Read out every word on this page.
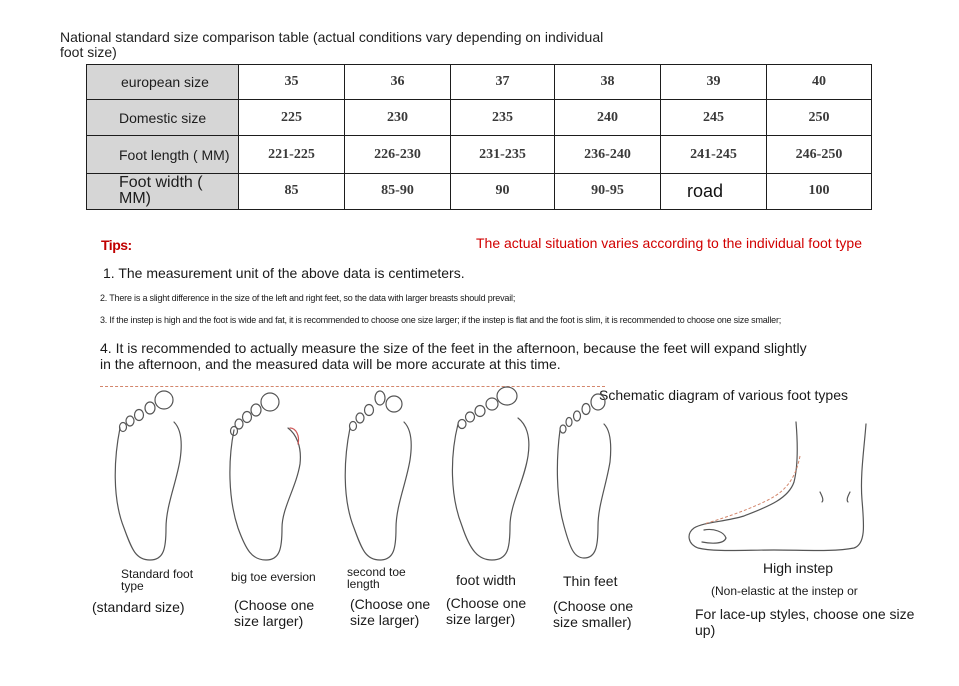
National standard size comparison table (actual conditions vary depending on individual foot size)
european size	35	36	37	38	39	40
Domestic size	225	230	235	240	245	250
Foot length ( MM)	221-225	226-230	231-235	236-240	241-245	246-250
Foot width ( MM)	85	85-90	90	90-95	road	100
Tips:	The actual situation varies according to the individual foot type
1. The measurement unit of the above data is centimeters.
2. There is a slight difference in the size of the left and right feet, so the data with larger breasts should prevail;
3. If the instep is high and the foot is wide and fat, it is recommended to choose one size larger; if the instep is flat and the foot is slim, it is recommended to choose one size smaller;
4. It is recommended to actually measure the size of the feet in the afternoon, because the feet will expand slightly in the afternoon, and the measured data will be more accurate at this time.
Schematic diagram of various foot types
Standard foot type
(standard size)
big toe eversion
(Choose one size larger)
second toe length
(Choose one size larger)
foot width
(Choose one size larger)
Thin feet
(Choose one size smaller)
High instep
(Non-elastic at the instep or
For lace-up styles, choose one size up)
